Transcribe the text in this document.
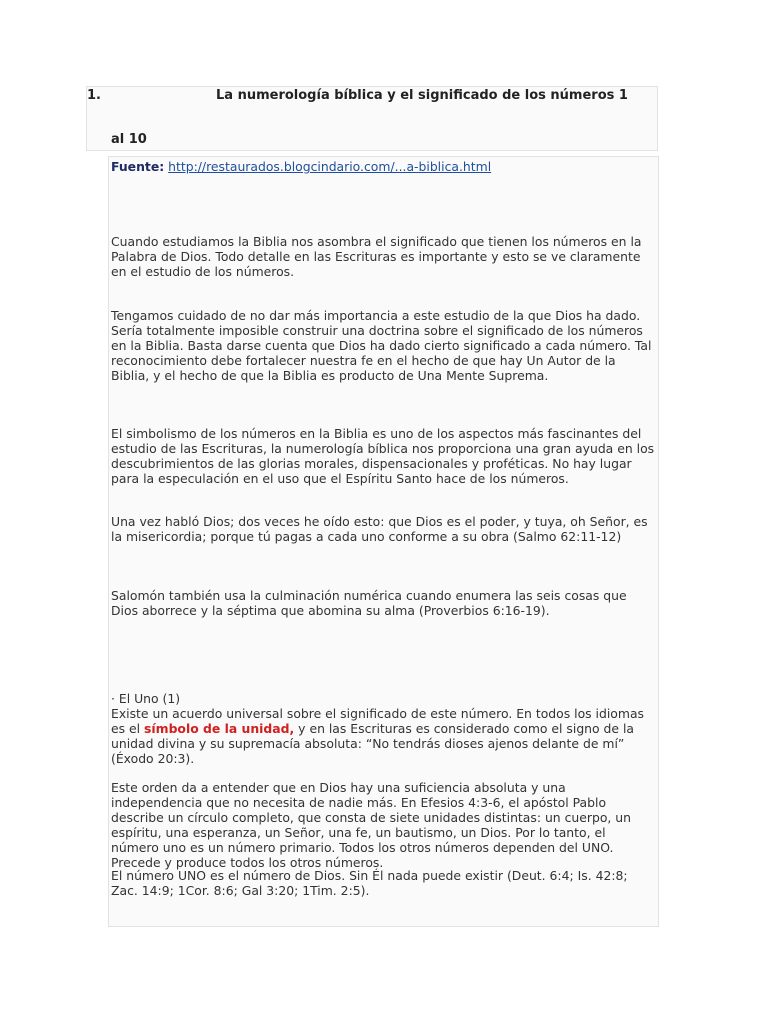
1.	La numerología bíblica y el significado de los números 1
al 10
Fuente: http://restaurados.blogcindario.com/...a-biblica.html
Cuando estudiamos la Biblia nos asombra el significado que tienen los números en la Palabra de Dios. Todo detalle en las Escrituras es importante y esto se ve claramente en el estudio de los números.
Tengamos cuidado de no dar más importancia a este estudio de la que Dios ha dado. Sería totalmente imposible construir una doctrina sobre el significado de los números en la Biblia. Basta darse cuenta que Dios ha dado cierto significado a cada número. Tal reconocimiento debe fortalecer nuestra fe en el hecho de que hay Un Autor de la Biblia, y el hecho de que la Biblia es producto de Una Mente Suprema.
El simbolismo de los números en la Biblia es uno de los aspectos más fascinantes del estudio de las Escrituras, la numerología bíblica nos proporciona una gran ayuda en los descubrimientos de las glorias morales, dispensacionales y proféticas. No hay lugar para la especulación en el uso que el Espíritu Santo hace de los números.
Una vez habló Dios; dos veces he oído esto: que Dios es el poder, y tuya, oh Señor, es la misericordia; porque tú pagas a cada uno conforme a su obra (Salmo 62:11-12)
Salomón también usa la culminación numérica cuando enumera las seis cosas que Dios aborrece y la séptima que abomina su alma (Proverbios 6:16-19).
· El Uno (1)
Existe un acuerdo universal sobre el significado de este número. En todos los idiomas es el símbolo de la unidad, y en las Escrituras es considerado como el signo de la unidad divina y su supremacía absoluta: “No tendrás dioses ajenos delante de mí” (Éxodo 20:3).
Este orden da a entender que en Dios hay una suficiencia absoluta y una independencia que no necesita de nadie más. En Efesios 4:3-6, el apóstol Pablo describe un círculo completo, que consta de siete unidades distintas: un cuerpo, un espíritu, una esperanza, un Señor, una fe, un bautismo, un Dios. Por lo tanto, el número uno es un número primario. Todos los otros números dependen del UNO. Precede y produce todos los otros números.
El número UNO es el número de Dios. Sin Él nada puede existir (Deut. 6:4; Is. 42:8; Zac. 14:9; 1Cor. 8:6; Gal 3:20; 1Tim. 2:5).
